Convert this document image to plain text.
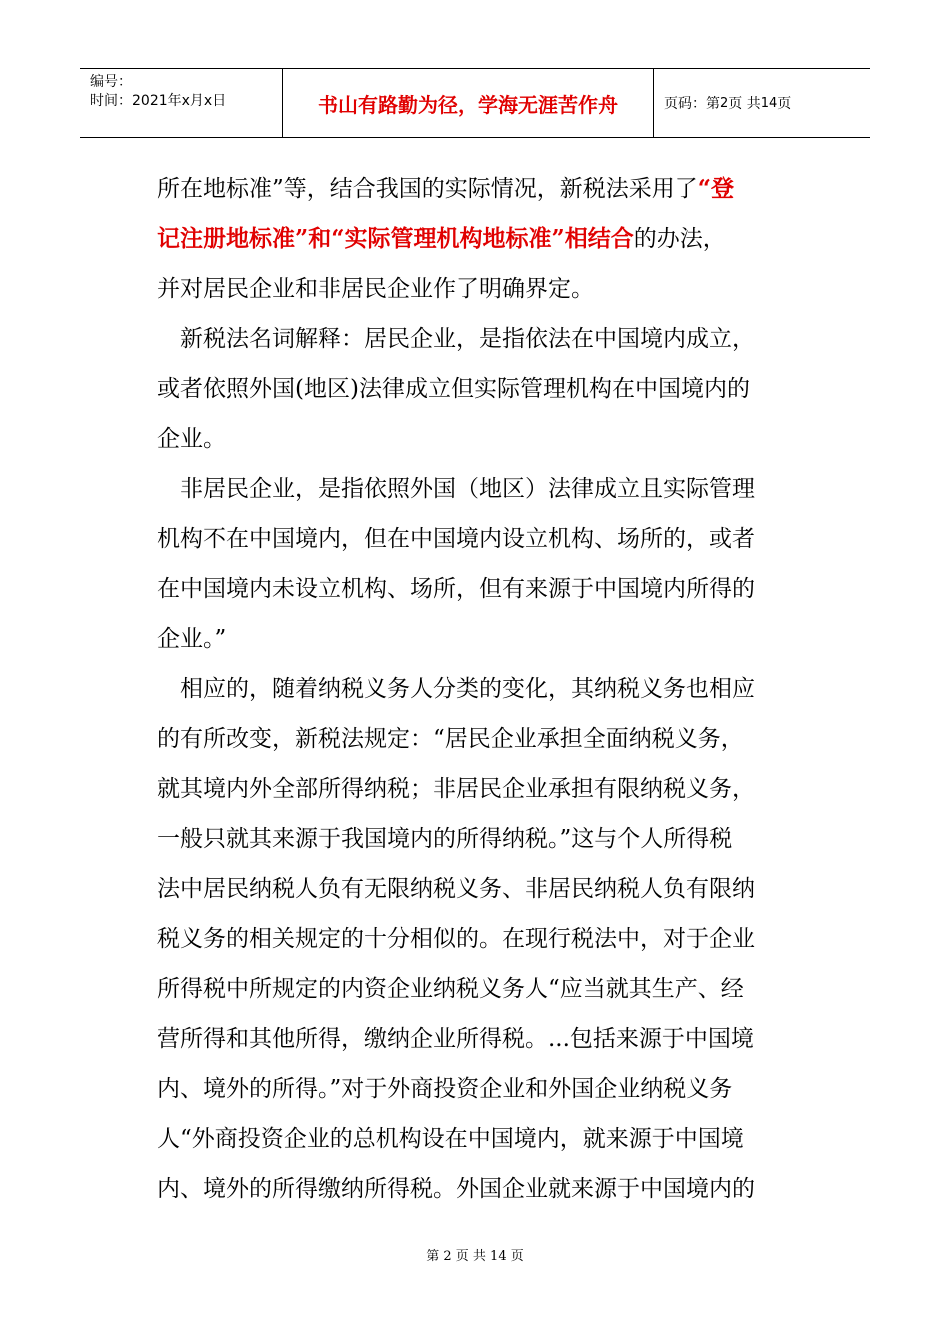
编号：
时间：2021年x月x日	书山有路勤为径，学海无涯苦作舟	页码：第 2 页 共 14 页
所在地标准”等，结合我国的实际情况，新税法采用了“登
记注册地标准”和“实际管理机构地标准”相结合的办法，
并对居民企业和非居民企业作了明确界定。
　新税法名词解释：居民企业，是指依法在中国境内成立，
或者依照外国(地区)法律成立但实际管理机构在中国境内的
企业。
　非居民企业，是指依照外国（地区）法律成立且实际管理
机构不在中国境内，但在中国境内设立机构、场所的，或者
在中国境内未设立机构、场所，但有来源于中国境内所得的
企业。”
　相应的，随着纳税义务人分类的变化，其纳税义务也相应
的有所改变，新税法规定：“居民企业承担全面纳税义务，
就其境内外全部所得纳税；非居民企业承担有限纳税义务，
一般只就其来源于我国境内的所得纳税。”这与个人所得税
法中居民纳税人负有无限纳税义务、非居民纳税人负有限纳
税义务的相关规定的十分相似的。在现行税法中，对于企业
所得税中所规定的内资企业纳税义务人“应当就其生产、经
营所得和其他所得，缴纳企业所得税。...包括来源于中国境
内、境外的所得。”对于外商投资企业和外国企业纳税义务
人“外商投资企业的总机构设在中国境内，就来源于中国境
内、境外的所得缴纳所得税。外国企业就来源于中国境内的
第 2 页 共 14 页
